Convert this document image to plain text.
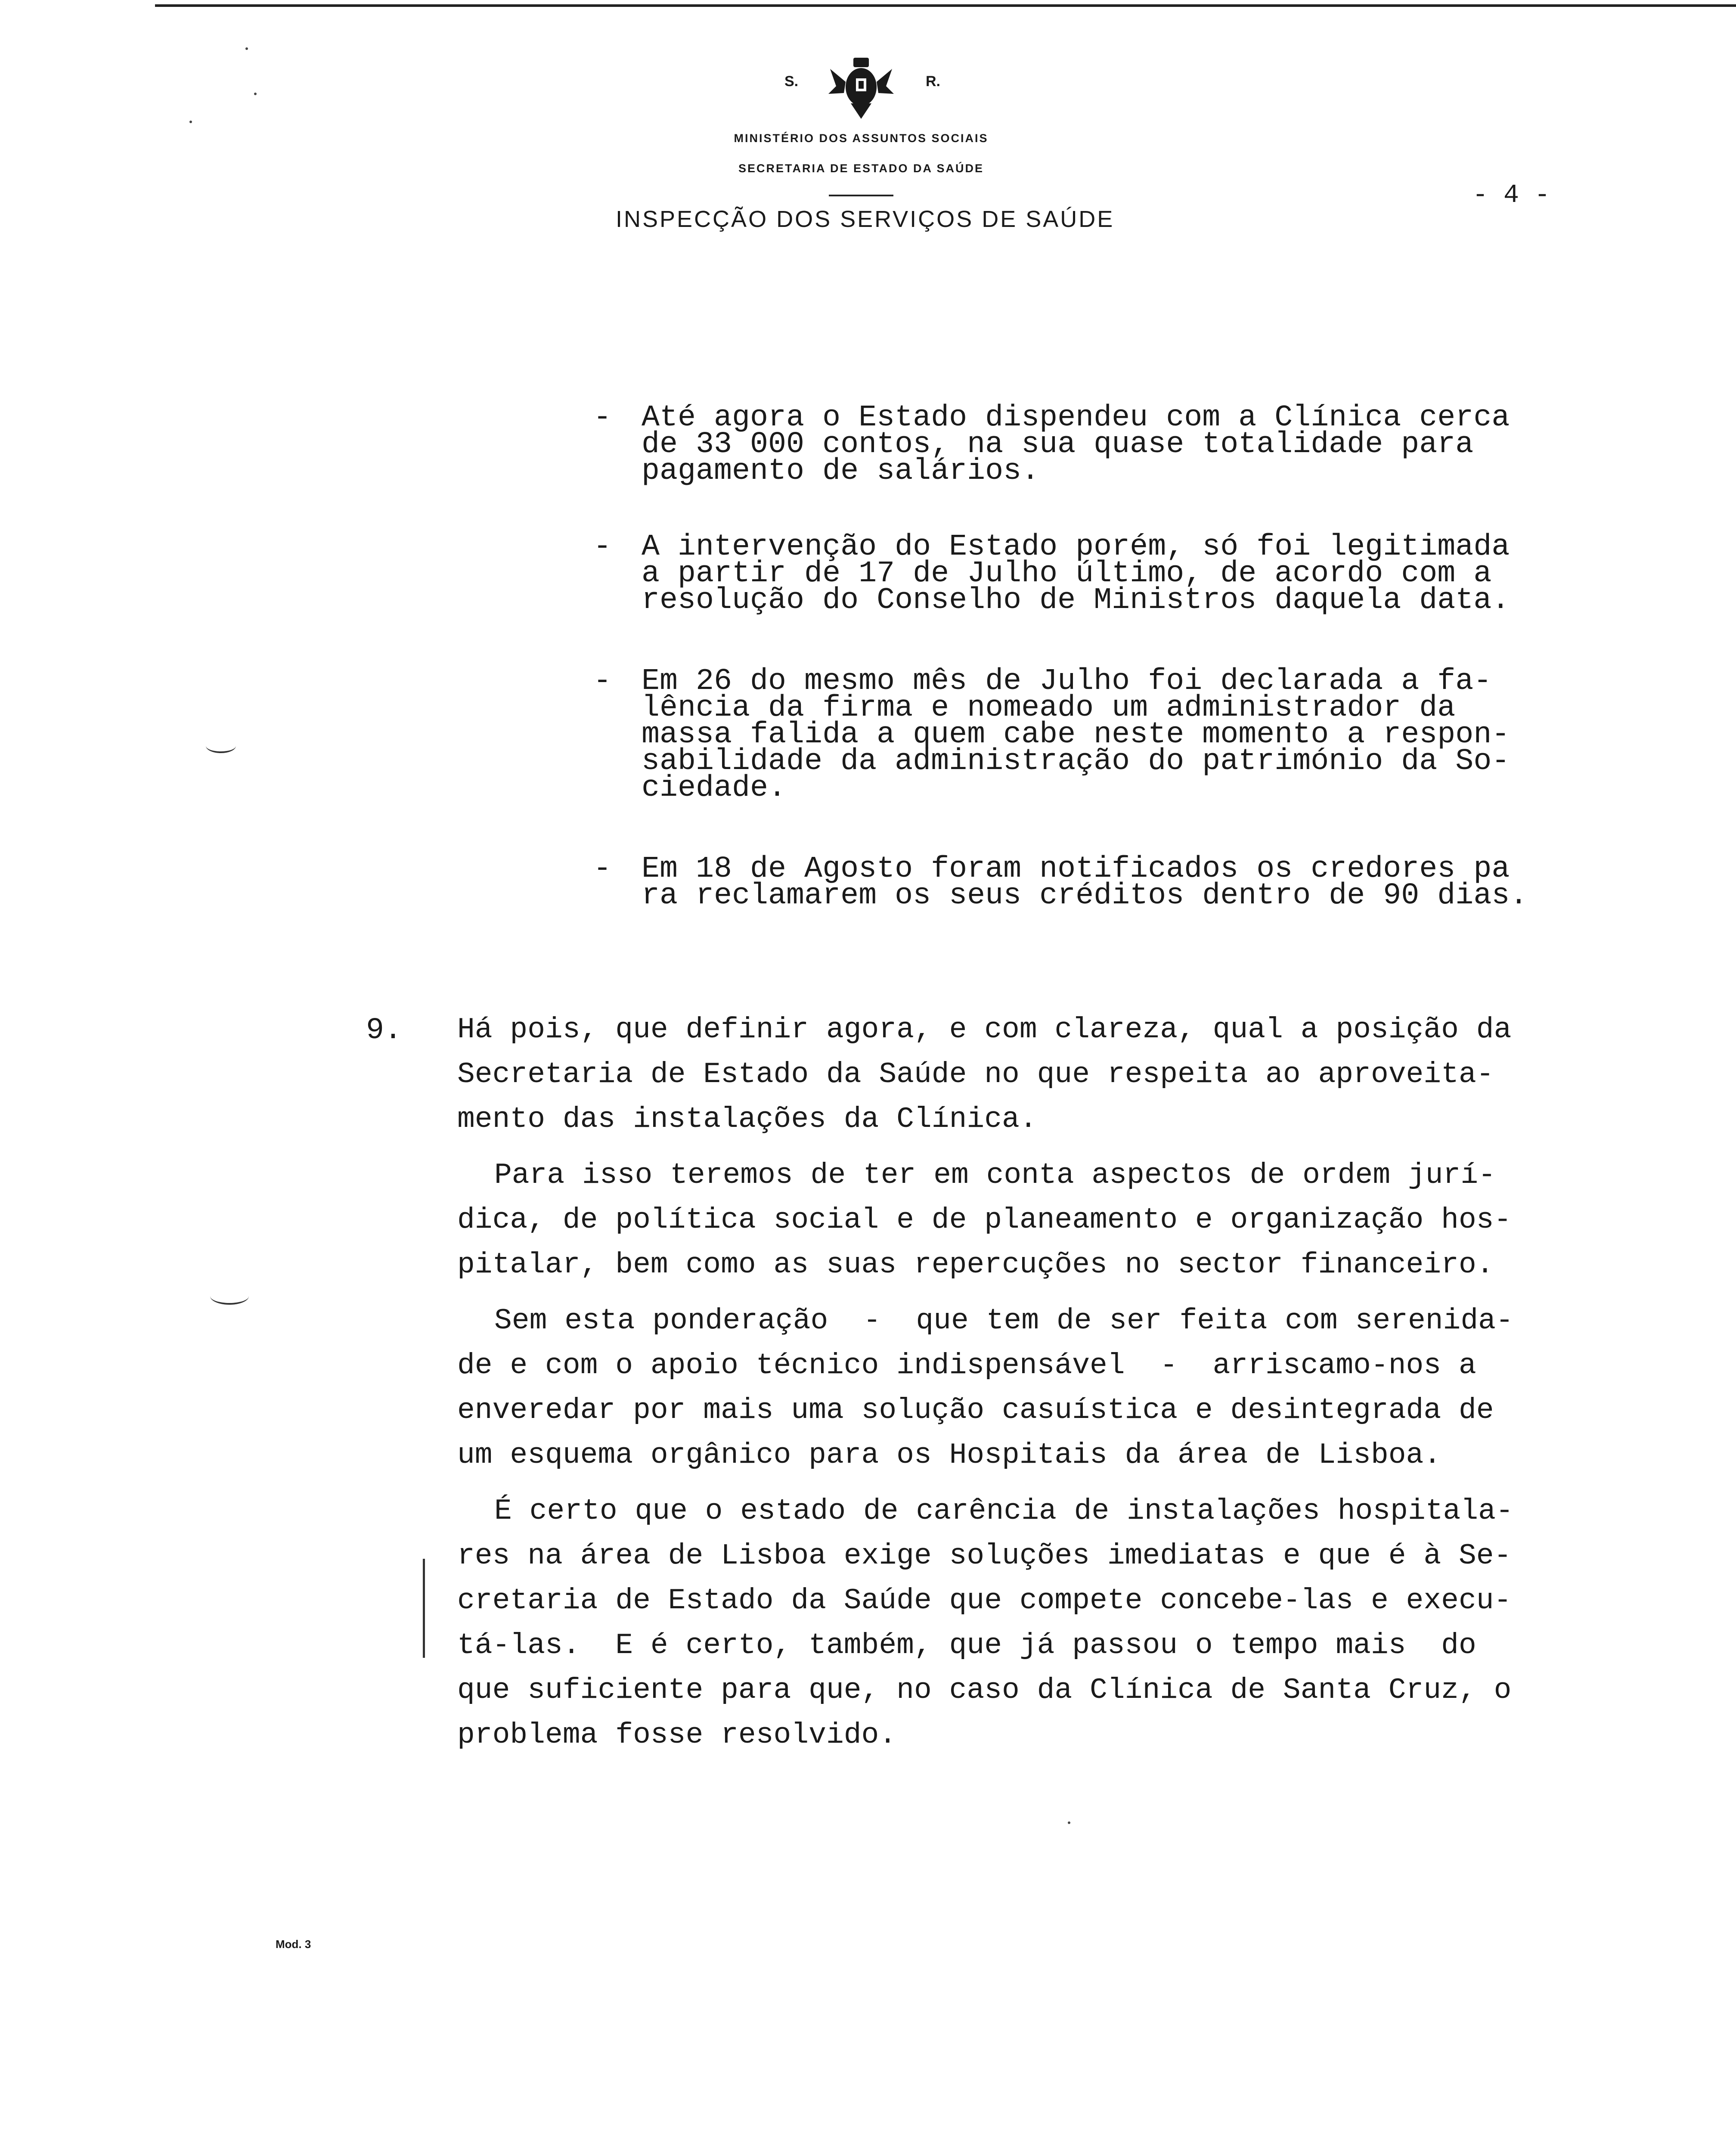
S.	R.
MINISTÉRIO DOS ASSUNTOS SOCIAIS
SECRETARIA DE ESTADO DA SAÚDE
INSPECÇÃO DOS SERVIÇOS DE SAÚDE
- 4 -
- Até agora o Estado dispendeu com a Clínica cerca
de 33 000 contos, na sua quase totalidade para
pagamento de salários.
- A intervenção do Estado porém, só foi legitimada
a partir de 17 de Julho último, de acordo com a
resolução do Conselho de Ministros daquela data.
- Em 26 do mesmo mês de Julho foi declarada a fa-
lência da firma e nomeado um administrador da
massa falida a quem cabe neste momento a respon-
sabilidade da administração do património da So-
ciedade.
- Em 18 de Agosto foram notificados os credores pa
ra reclamarem os seus créditos dentro de 90 dias.
9. Há pois, que definir agora, e com clareza, qual a posição da
Secretaria de Estado da Saúde no que respeita ao aproveita-
mento das instalações da Clínica.
Para isso teremos de ter em conta aspectos de ordem jurí-
dica, de política social e de planeamento e organização hos-
pitalar, bem como as suas repercuções no sector financeiro.
Sem esta ponderação  -  que tem de ser feita com serenida-
de e com o apoio técnico indispensável  -  arriscamo-nos a
enveredar por mais uma solução casuística e desintegrada de
um esquema orgânico para os Hospitais da área de Lisboa.
É certo que o estado de carência de instalações hospitala-
res na área de Lisboa exige soluções imediatas e que é à Se-
cretaria de Estado da Saúde que compete concebe-las e execu-
tá-las.  E é certo, também, que já passou o tempo mais  do
que suficiente para que, no caso da Clínica de Santa Cruz, o
problema fosse resolvido.
Mod. 3
